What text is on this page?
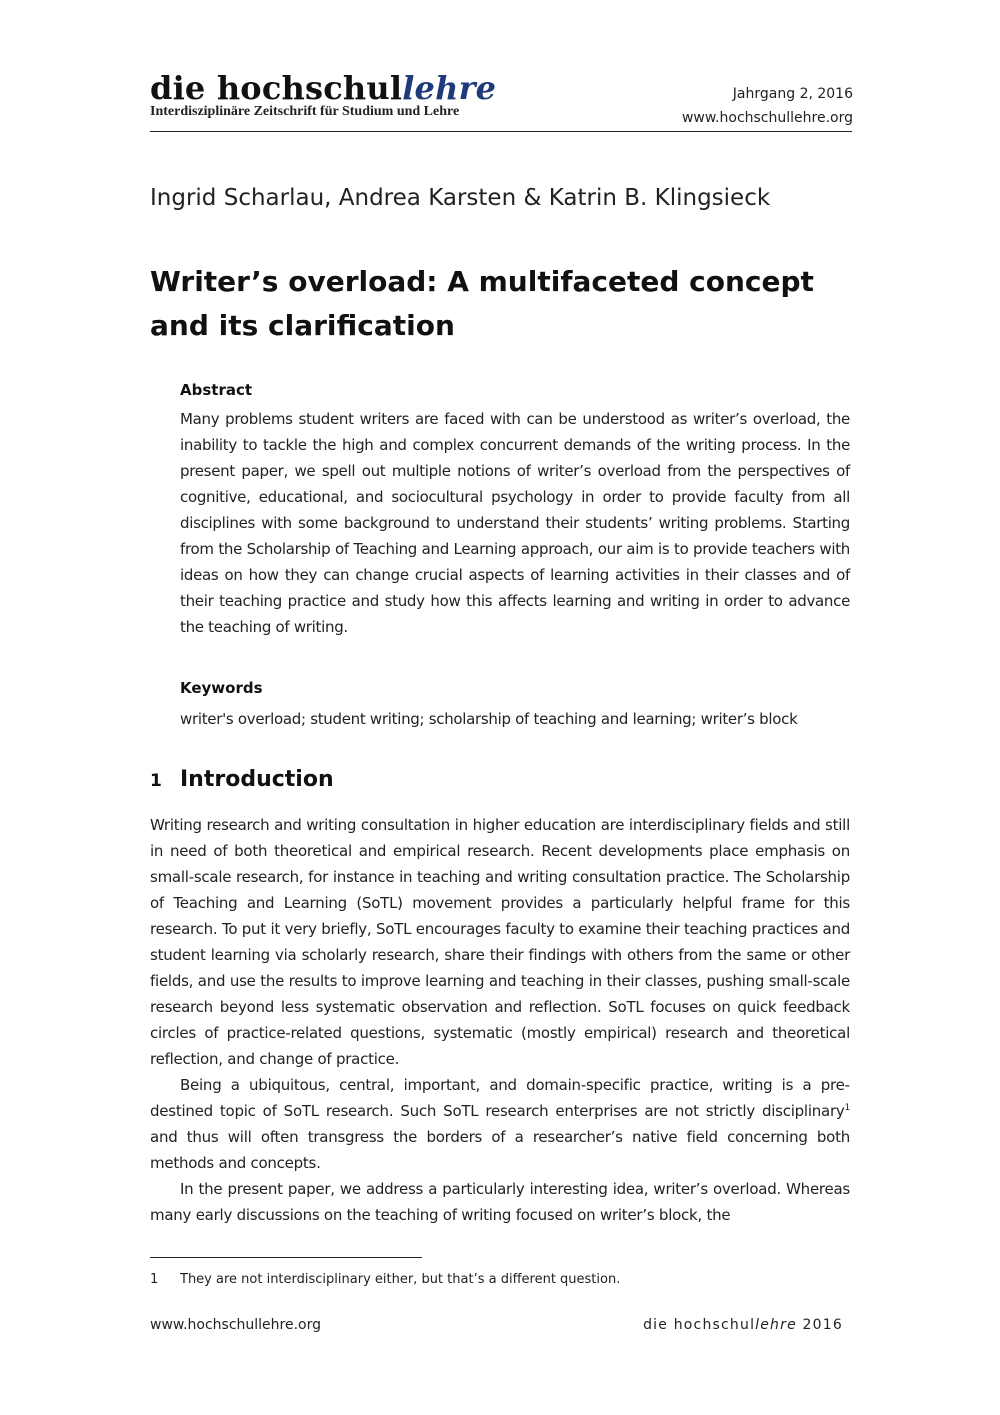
die hochschullehre
Interdisziplinäre Zeitschrift für Studium und Lehre
Jahrgang 2, 2016
www.hochschullehre.org
Ingrid Scharlau, Andrea Karsten & Katrin B. Klingsieck
Writer’s overload: A multifaceted concept and its clarification
Abstract
Many problems student writers are faced with can be understood as writer’s overload, the inability to tackle the high and complex concurrent demands of the writing process. In the present paper, we spell out multiple notions of writer’s overload from the perspectives of cognitive, educational, and sociocultural psychology in order to provide faculty from all disciplines with some background to understand their students’ writing problems. Starting from the Scholarship of Teaching and Learning approach, our aim is to provide teachers with ideas on how they can change crucial aspects of learning activities in their classes and of their teaching practice and study how this affects learning and writing in order to advance the teaching of writing.
Keywords
writer's overload; student writing; scholarship of teaching and learning; writer’s block
1 Introduction

Writing research and writing consultation in higher education are interdisciplinary fields and still in need of both theoretical and empirical research. Recent developments place emphasis on small-scale research, for instance in teaching and writing consultation practice. The Scholarship of Teaching and Learning (SoTL) movement provides a particularly helpful frame for this research. To put it very briefly, SoTL encourages faculty to examine their teaching practices and student learning via scholarly research, share their findings with others from the same or other fields, and use the results to improve learning and teaching in their classes, pushing small-scale research beyond less systematic observation and reflection. SoTL focuses on quick feedback circles of practice-related questions, systematic (mostly empirical) research and theoretical reflection, and change of practice.

Being a ubiquitous, central, important, and domain-specific practice, writing is a predestined topic of SoTL research. Such SoTL research enterprises are not strictly disciplinary$^1$ and thus will often transgress the borders of a researcher’s native field concerning both methods and concepts.

In the present paper, we address a particularly interesting idea, writer’s overload. Whereas many early discussions on the teaching of writing focused on writer’s block, the

1 They are not interdisciplinary either, but that’s a different question.
www.hochschullehre.org	die hochschullehre 2016
